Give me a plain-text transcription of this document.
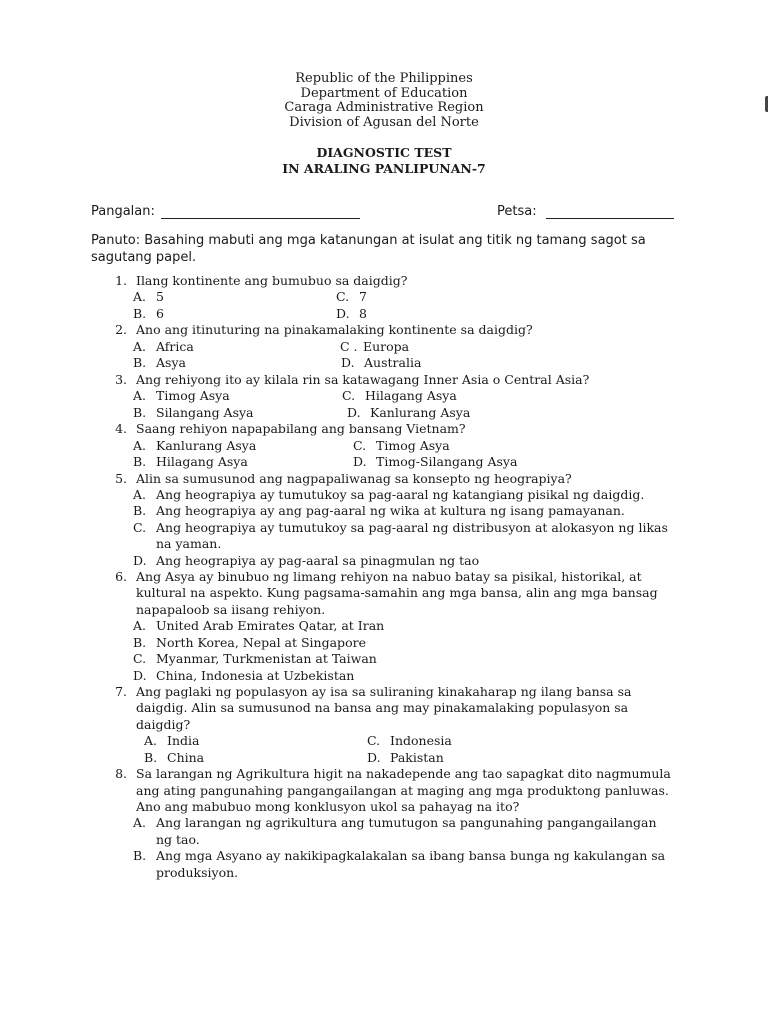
Republic of the Philippines
Department of Education
Caraga Administrative Region
Division of Agusan del Norte
DIAGNOSTIC TEST
IN ARALING PANLIPUNAN-7
Pangalan:	Petsa:
Panuto: Basahing mabuti ang mga katanungan at isulat ang titik ng tamang sagot sa sagutang papel.
1. Ilang kontinente ang bumubuo sa daigdig?
A. 5	C. 7
B. 6	D. 8
2. Ano ang itinuturing na pinakamalaking kontinente sa daigdig?
A. Africa	C . Europa
B. Asya	D. Australia
3. Ang rehiyong ito ay kilala rin sa katawagang Inner Asia o Central Asia?
A. Timog Asya	C. Hilagang Asya
B. Silangang Asya	D. Kanlurang Asya
4. Saang rehiyon napapabilang ang bansang Vietnam?
A. Kanlurang Asya	C. Timog Asya
B. Hilagang Asya	D. Timog-Silangang Asya
5. Alin sa sumusunod ang nagpapaliwanag sa konsepto ng heograpiya?
A. Ang heograpiya ay tumutukoy sa pag-aaral ng katangiang pisikal ng daigdig.
B. Ang heograpiya ay ang pag-aaral ng wika at kultura ng isang pamayanan.
C. Ang heograpiya ay tumutukoy sa pag-aaral ng distribusyon at alokasyon ng likas na yaman.
D. Ang heograpiya ay pag-aaral sa pinagmulan ng tao
6. Ang Asya ay binubuo ng limang rehiyon na nabuo batay sa pisikal, historikal, at kultural na aspekto. Kung pagsama-samahin ang mga bansa, alin ang mga bansag napapaloob sa iisang rehiyon.
A. United Arab Emirates Qatar, at Iran
B. North Korea, Nepal at Singapore
C. Myanmar, Turkmenistan at Taiwan
D. China, Indonesia at Uzbekistan
7. Ang paglaki ng populasyon ay isa sa suliraning kinakaharap ng ilang bansa sa daigdig. Alin sa sumusunod na bansa ang may pinakamalaking populasyon sa daigdig?
A. India	C. Indonesia
B. China	D. Pakistan
8. Sa larangan ng Agrikultura higit na nakadepende ang tao sapagkat dito nagmumula ang ating pangunahing pangangailangan at maging ang mga produktong panluwas. Ano ang mabubuo mong konklusyon ukol sa pahayag na ito?
A. Ang larangan ng agrikultura ang tumutugon sa pangunahing pangangailangan ng tao.
B. Ang mga Asyano ay nakikipagkalakalan sa ibang bansa bunga ng kakulangan sa produksiyon.
